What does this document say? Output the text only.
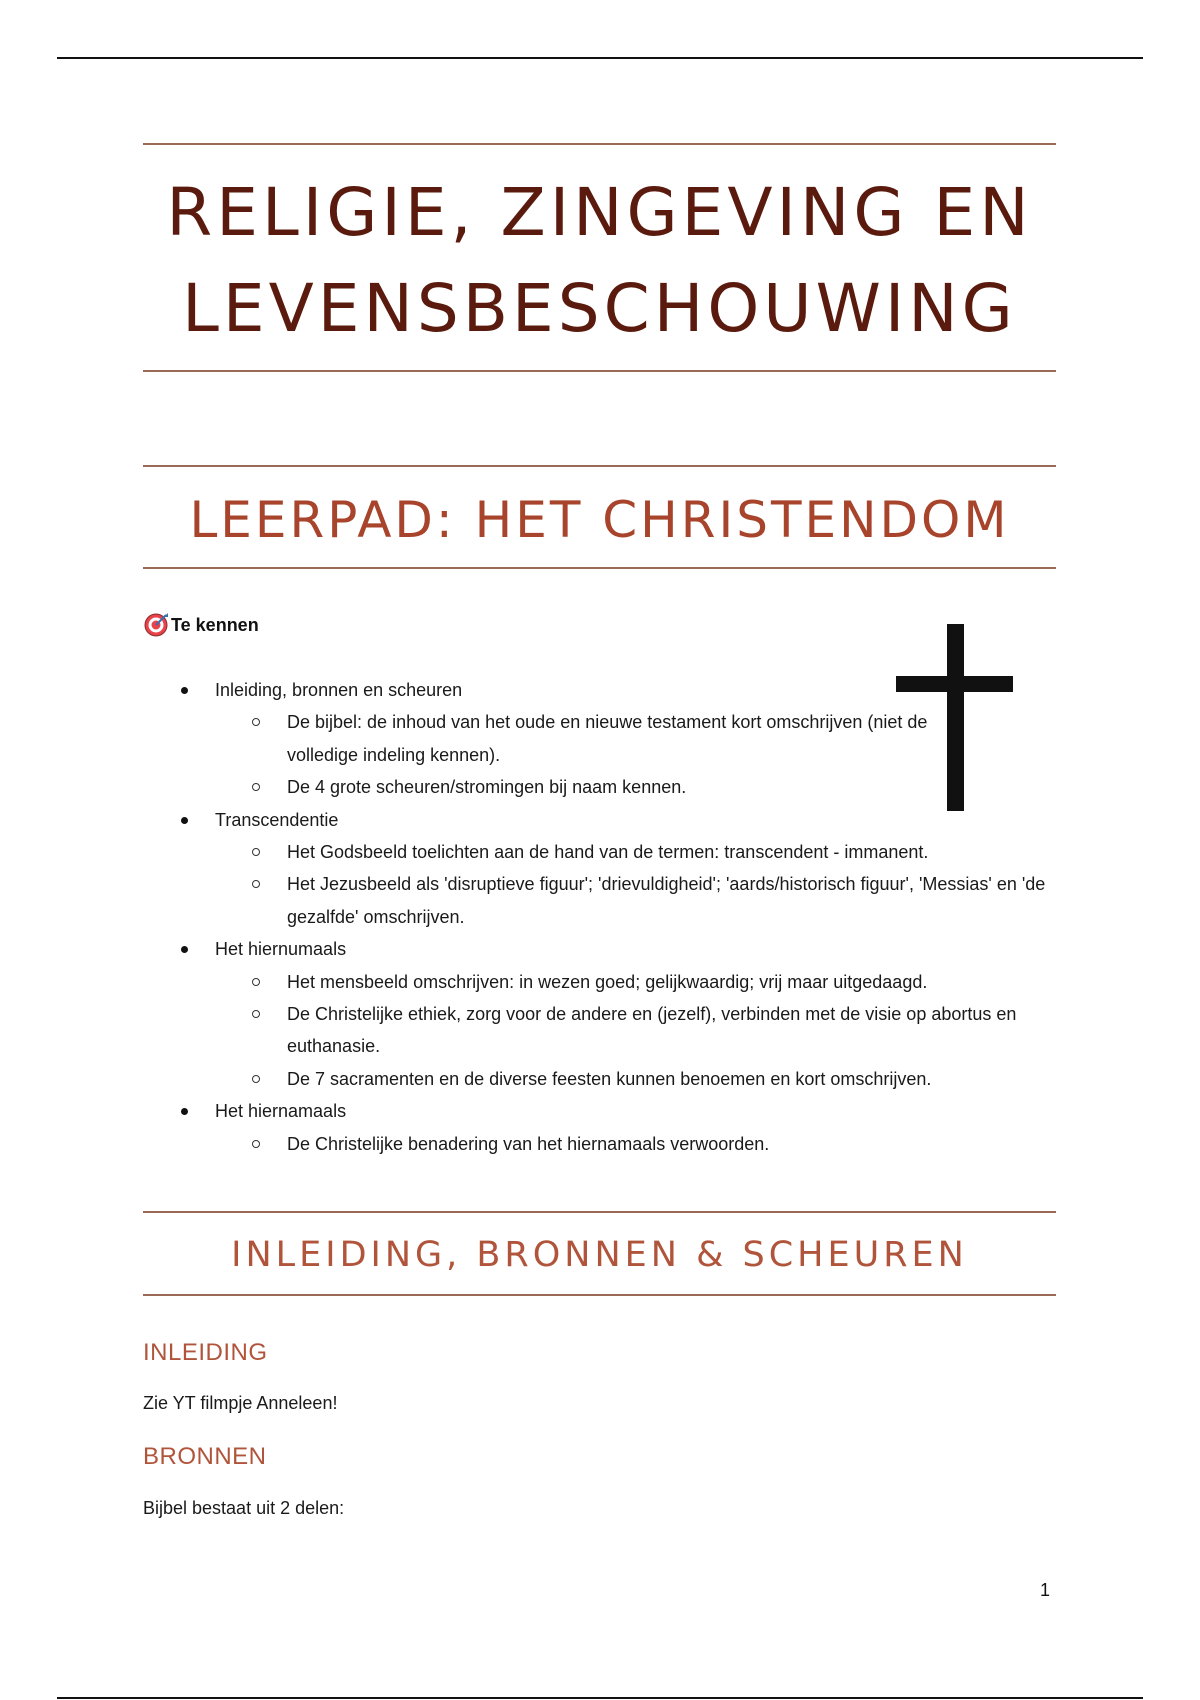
RELIGIE, ZINGEVING EN LEVENSBESCHOUWING
LEERPAD: HET CHRISTENDOM
Te kennen
Inleiding, bronnen en scheuren
De bijbel: de inhoud van het oude en nieuwe testament kort omschrijven (niet de volledige indeling kennen).
De 4 grote scheuren/stromingen bij naam kennen.
Transcendentie
Het Godsbeeld toelichten aan de hand van de termen: transcendent - immanent.
Het Jezusbeeld als 'disruptieve figuur'; 'drievuldigheid'; 'aards/historisch figuur', 'Messias' en 'de gezalfde' omschrijven.
Het hiernumaals
Het mensbeeld omschrijven: in wezen goed; gelijkwaardig; vrij maar uitgedaagd.
De Christelijke ethiek, zorg voor de andere en (jezelf), verbinden met de visie op abortus en euthanasie.
De 7 sacramenten en de diverse feesten kunnen benoemen en kort omschrijven.
Het hiernamaals
De Christelijke benadering van het hiernamaals verwoorden.
INLEIDING, BRONNEN & SCHEUREN
INLEIDING

Zie YT filmpje Anneleen!

BRONNEN

Bijbel bestaat uit 2 delen:

1
